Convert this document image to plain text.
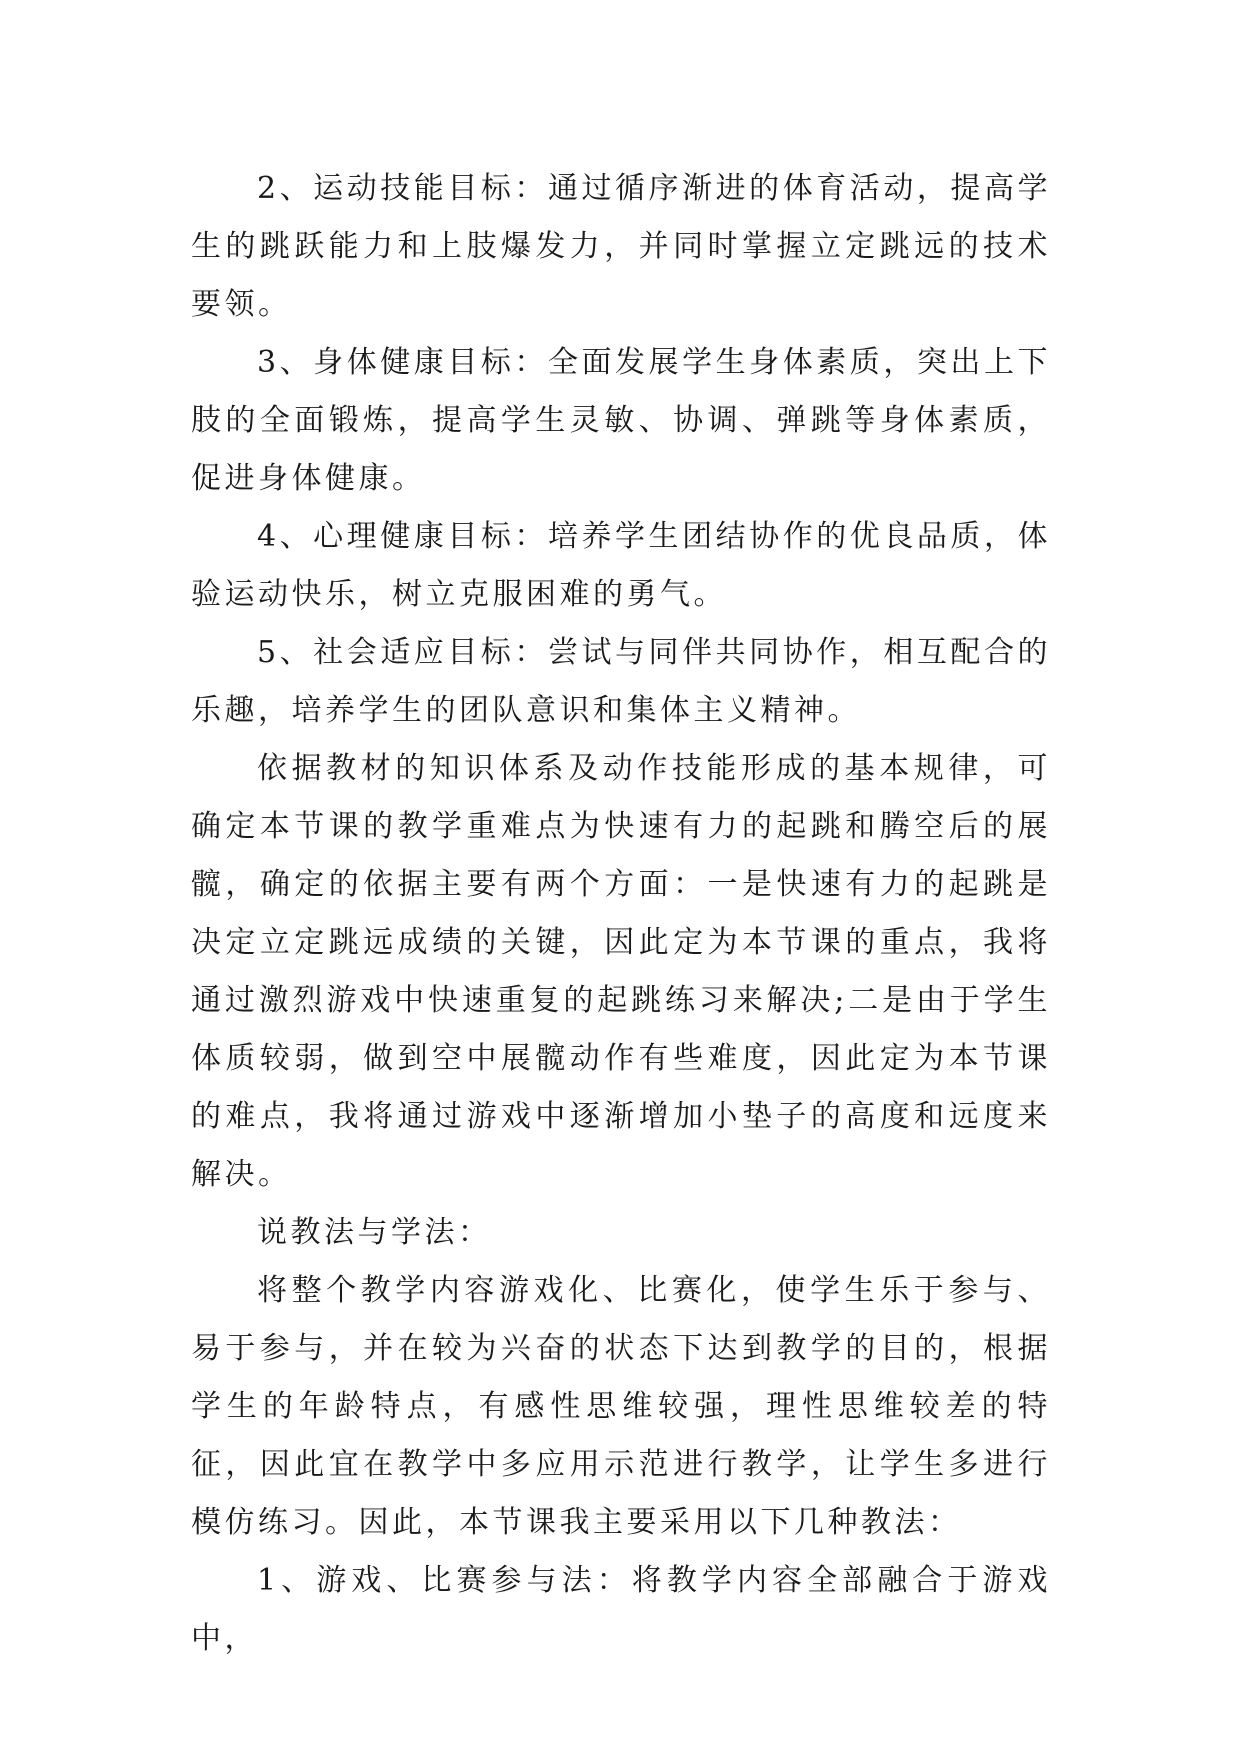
2、运动技能目标：通过循序渐进的体育活动，提高学生的跳跃能力和上肢爆发力，并同时掌握立定跳远的技术要领。

3、身体健康目标：全面发展学生身体素质，突出上下肢的全面锻炼，提高学生灵敏、协调、弹跳等身体素质，促进身体健康。

4、心理健康目标：培养学生团结协作的优良品质，体验运动快乐，树立克服困难的勇气。

5、社会适应目标：尝试与同伴共同协作，相互配合的乐趣，培养学生的团队意识和集体主义精神。

依据教材的知识体系及动作技能形成的基本规律，可确定本节课的教学重难点为快速有力的起跳和腾空后的展髋，确定的依据主要有两个方面：一是快速有力的起跳是决定立定跳远成绩的关键，因此定为本节课的重点，我将通过激烈游戏中快速重复的起跳练习来解决;二是由于学生体质较弱，做到空中展髋动作有些难度，因此定为本节课的难点，我将通过游戏中逐渐增加小垫子的高度和远度来解决。

说教法与学法：

将整个教学内容游戏化、比赛化，使学生乐于参与、易于参与，并在较为兴奋的状态下达到教学的目的，根据学生的年龄特点，有感性思维较强，理性思维较差的特征，因此宜在教学中多应用示范进行教学，让学生多进行模仿练习。因此，本节课我主要采用以下几种教法：

1、游戏、比赛参与法：将教学内容全部融合于游戏中，
